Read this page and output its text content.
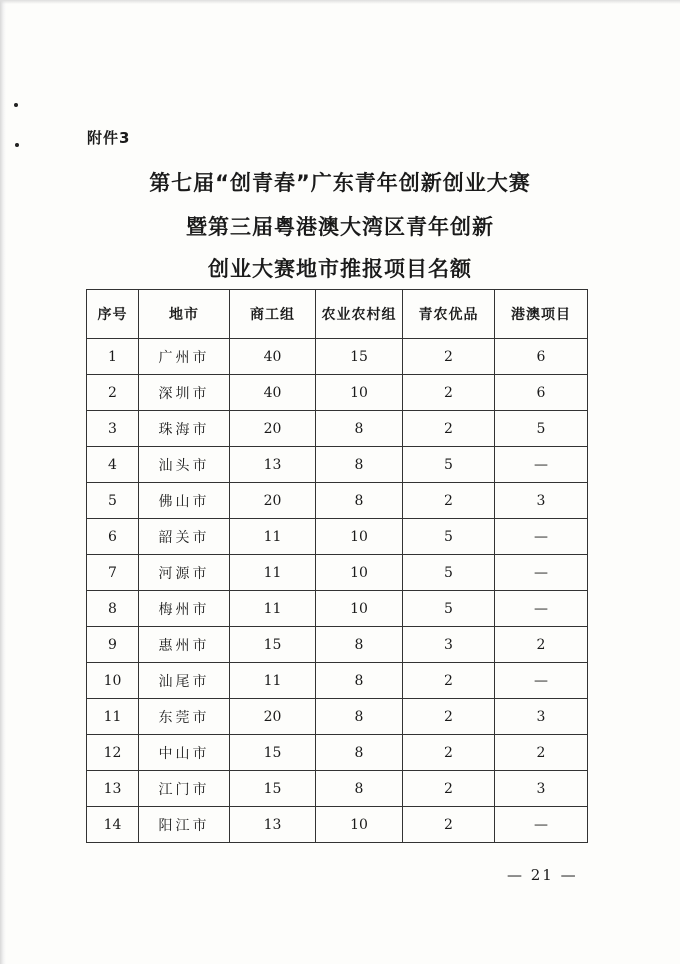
附件3
第七届“创青春”广东青年创新创业大赛
暨第三届粤港澳大湾区青年创新
创业大赛地市推报项目名额
序号	地市	商工组	农业农村组	青农优品	港澳项目
1	广州市	40	15	2	6
2	深圳市	40	10	2	6
3	珠海市	20	8	2	5
4	汕头市	13	8	5	—
5	佛山市	20	8	2	3
6	韶关市	11	10	5	—
7	河源市	11	10	5	—
8	梅州市	11	10	5	—
9	惠州市	15	8	3	2
10	汕尾市	11	8	2	—
11	东莞市	20	8	2	3
12	中山市	15	8	2	2
13	江门市	15	8	2	3
14	阳江市	13	10	2	—
— 21 —
